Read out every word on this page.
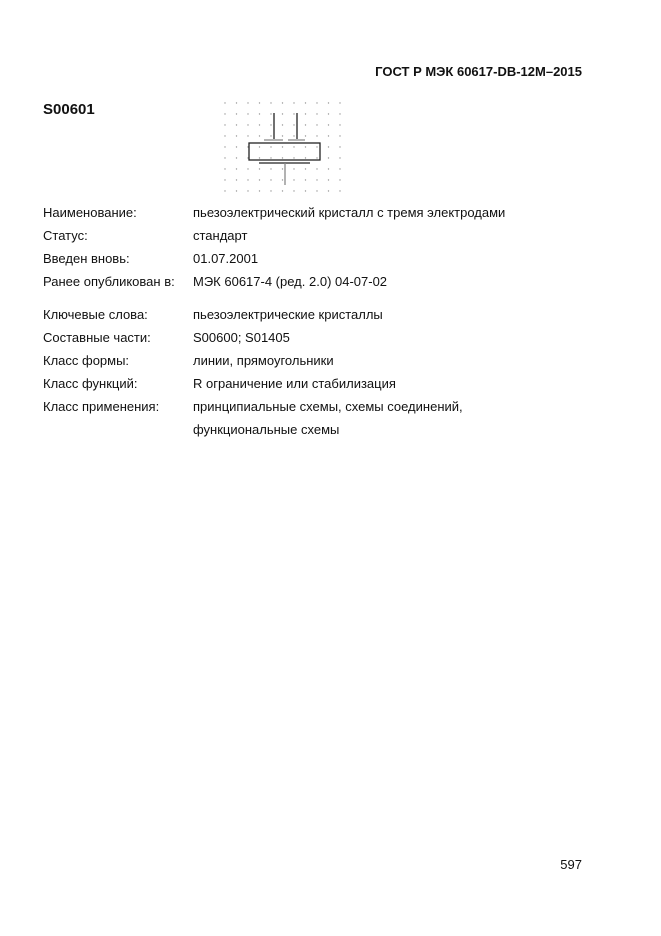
ГОСТ Р МЭК 60617-DB-12M–2015
S00601
Наименование:	пьезоэлектрический кристалл с тремя электродами
Статус:	стандарт
Введен вновь:	01.07.2001
Ранее опубликован в: МЭК 60617-4 (ред. 2.0) 04-07-02
Ключевые слова:	пьезоэлектрические кристаллы
Составные части:	S00600; S01405
Класс формы:	линии, прямоугольники
Класс функций:	R ограничение или стабилизация
Класс применения:	принципиальные схемы, схемы соединений,
функциональные схемы
597
